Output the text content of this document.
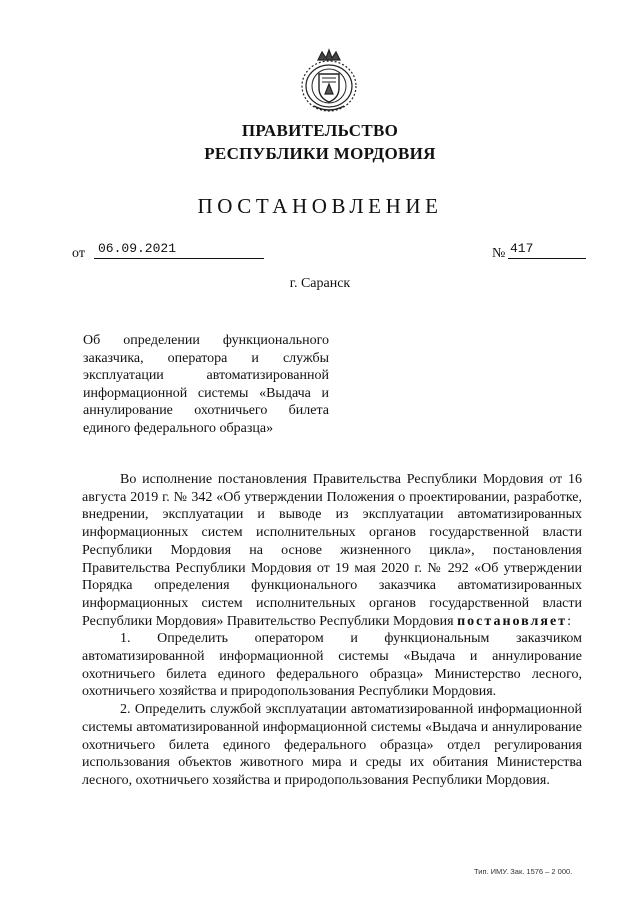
ПРАВИТЕЛЬСТВО
РЕСПУБЛИКИ МОРДОВИЯ
ПОСТАНОВЛЕНИЕ
от	06.09.2021	№ 417
г. Саранск
Об определении функционального заказчика, оператора и службы эксплуатации автоматизированной информационной системы «Выдача и аннулирование охотничьего билета единого федерального образца»

Во исполнение постановления Правительства Республики Мордовия от 16 августа 2019 г. № 342 «Об утверждении Положения о проектировании, разработке, внедрении, эксплуатации и выводе из эксплуатации автоматизированных информационных систем исполнительных органов государственной власти Республики Мордовия на основе жизненного цикла», постановления Правительства Республики Мордовия от 19 мая 2020 г. № 292 «Об утверждении Порядка определения функционального заказчика автоматизированных информационных систем исполнительных органов государственной власти Республики Мордовия» Правительство Республики Мордовия постановляет:

1. Определить оператором и функциональным заказчиком автоматизированной информационной системы «Выдача и аннулирование охотничьего билета единого федерального образца» Министерство лесного, охотничьего хозяйства и природопользования Республики Мордовия.

2. Определить службой эксплуатации автоматизированной информационной системы автоматизированной информационной системы «Выдача и аннулирование охотничьего билета единого федерального образца» отдел регулирования использования объектов животного мира и среды их обитания Министерства лесного, охотничьего хозяйства и природопользования Республики Мордовия.

Тип. ИМУ. Зак. 1576 – 2 000.
